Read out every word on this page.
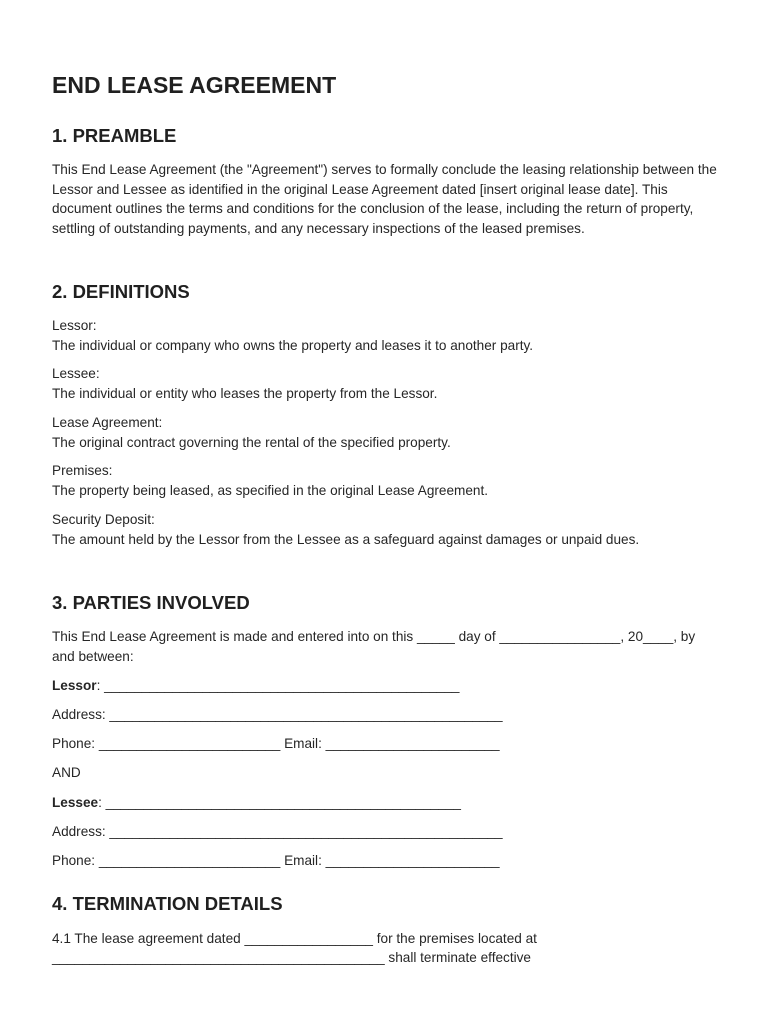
END LEASE AGREEMENT
1. PREAMBLE

This End Lease Agreement (the "Agreement") serves to formally conclude the leasing relationship between the Lessor and Lessee as identified in the original Lease Agreement dated [insert original lease date]. This document outlines the terms and conditions for the conclusion of the lease, including the return of property, settling of outstanding payments, and any necessary inspections of the leased premises.

2. DEFINITIONS

Lessor:

The individual or company who owns the property and leases it to another party.

Lessee:

The individual or entity who leases the property from the Lessor.

Lease Agreement:

The original contract governing the rental of the specified property.

Premises:

The property being leased, as specified in the original Lease Agreement.

Security Deposit:

The amount held by the Lessor from the Lessee as a safeguard against damages or unpaid dues.

3. PARTIES INVOLVED

This End Lease Agreement is made and entered into on this _____ day of ________________, 20____, by and between:

Lessor: _______________________________________________

Address: ____________________________________________________

Phone: ________________________ Email: _______________________

AND

Lessee: _______________________________________________

Address: ____________________________________________________

Phone: ________________________ Email: _______________________

4. TERMINATION DETAILS

4.1 The lease agreement dated _________________ for the premises located at

____________________________________________ shall terminate effective
